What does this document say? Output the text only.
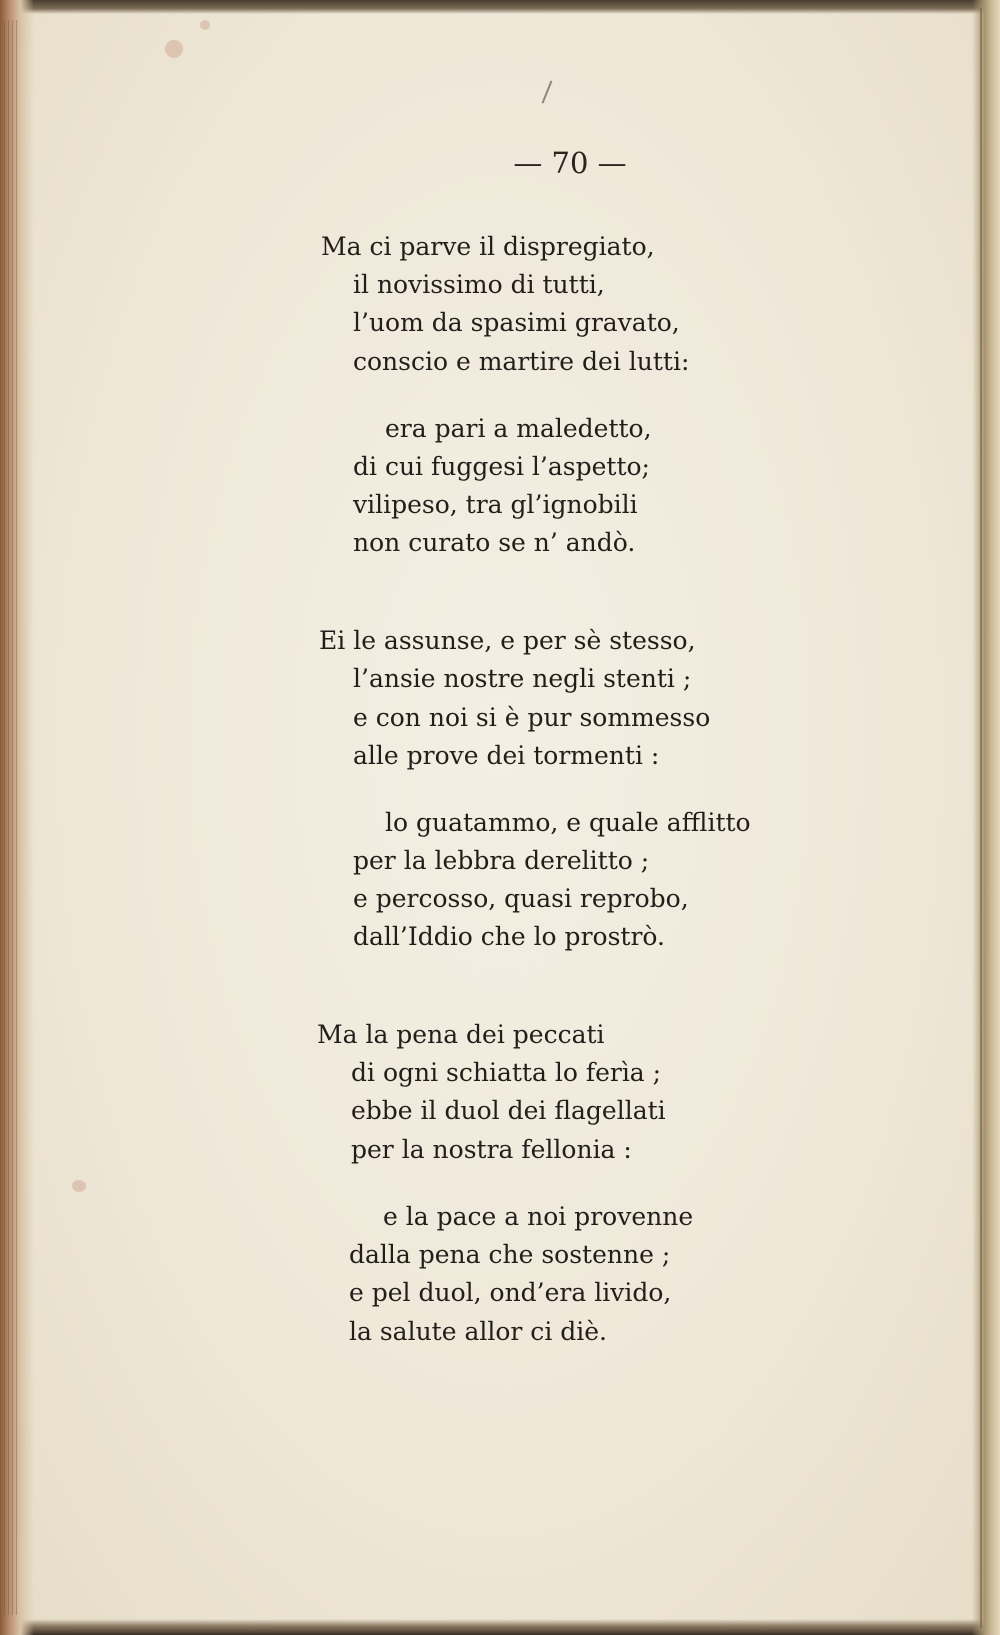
— 70 —
Ma ci parve il dispregiato,
il novissimo di tutti,
l’uom da spasimi gravato,
conscio e martire dei lutti:
era pari a maledetto,
di cui fuggesi l’aspetto;
vilipeso, tra gl’ignobili
non curato se n’ andò.
Ei le assunse, e per sè stesso,
l’ansie nostre negli stenti ;
e con noi si è pur sommesso
alle prove dei tormenti :
lo guatammo, e quale afflitto
per la lebbra derelitto ;
e percosso, quasi reprobo,
dall’Iddio che lo prostrò.
Ma la pena dei peccati
di ogni schiatta lo ferìa ;
ebbe il duol dei flagellati
per la nostra fellonia :
e la pace a noi provenne
dalla pena che sostenne ;
e pel duol, ond’era livido,
la salute allor ci diè.
